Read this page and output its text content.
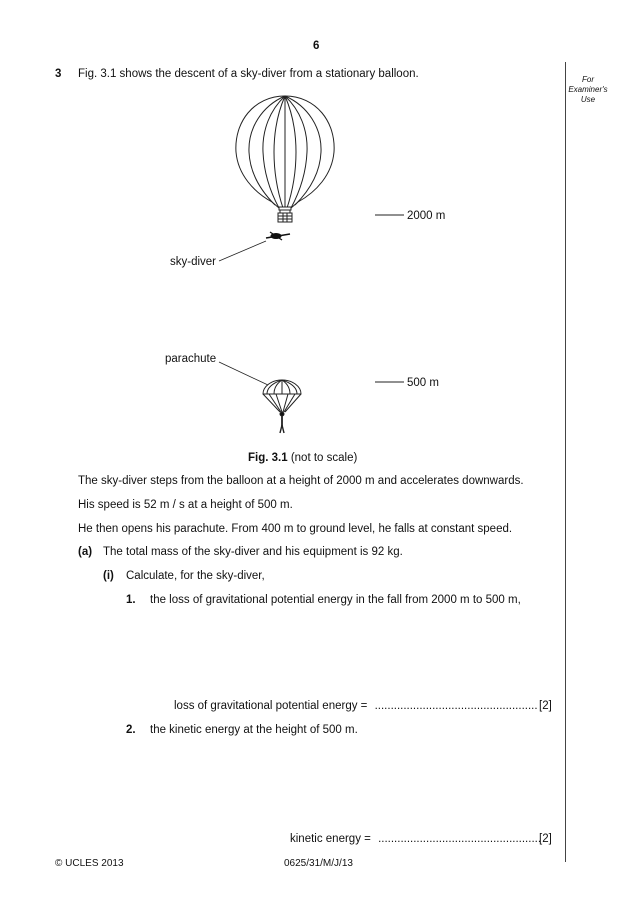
6
For Examiner's Use
3 Fig. 3.1 shows the descent of a sky-diver from a stationary balloon.
2000 m
500 m
sky-diver
parachute
Fig. 3.1 (not to scale)
The sky-diver steps from the balloon at a height of 2000 m and accelerates downwards.
His speed is 52 m / s at a height of 500 m.
He then opens his parachute. From 400 m to ground level, he falls at constant speed.
(a) The total mass of the sky-diver and his equipment is 92 kg.
(i) Calculate, for the sky-diver,
1. the loss of gravitational potential energy in the fall from 2000 m to 500 m,
loss of gravitational potential energy = ................................................... [2]
2. the kinetic energy at the height of 500 m.
kinetic energy = ...................................................
[2]
© UCLES 2013	0625/31/M/J/13
